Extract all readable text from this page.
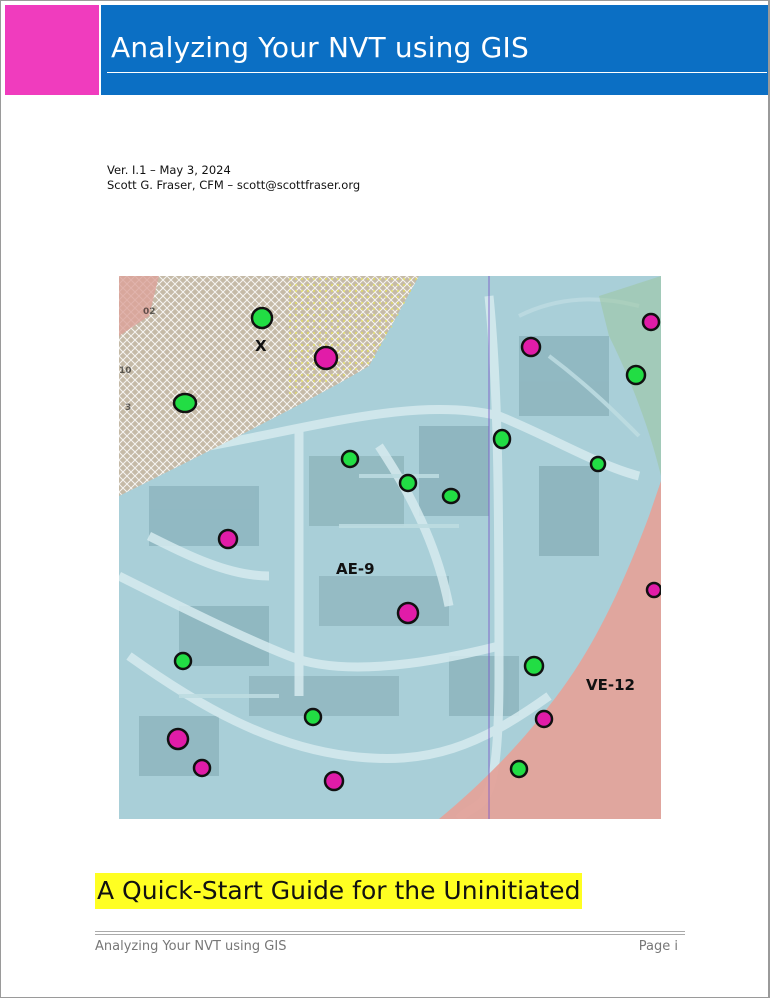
Analyzing Your NVT using GIS
Ver. I.1 – May 3, 2024
Scott G. Fraser, CFM – scott@scottfraser.org
02
10
3
X
AE-9
VE-12
A Quick-Start Guide for the Uninitiated
Analyzing Your NVT using GIS	Page i
